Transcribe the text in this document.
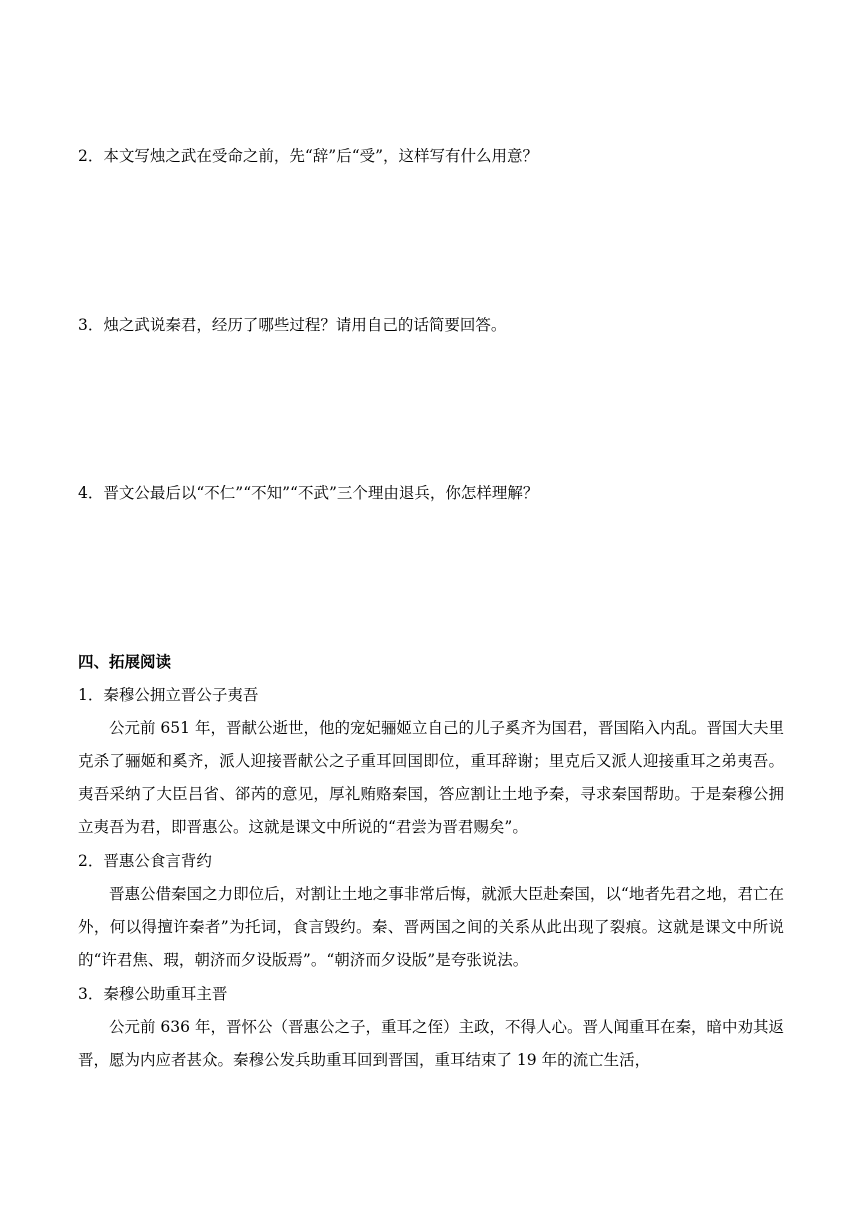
2．本文写烛之武在受命之前，先“辞”后“受”，这样写有什么用意？
3．烛之武说秦君，经历了哪些过程？请用自己的话简要回答。
4．晋文公最后以“不仁”“不知”“不武”三个理由退兵，你怎样理解？
四、拓展阅读
1．秦穆公拥立晋公子夷吾
公元前 651 年，晋献公逝世，他的宠妃骊姬立自己的儿子奚齐为国君，晋国陷入内乱。晋国大夫里克杀了骊姬和奚齐，派人迎接晋献公之子重耳回国即位，重耳辞谢；里克后又派人迎接重耳之弟夷吾。夷吾采纳了大臣吕省、郤芮的意见，厚礼贿赂秦国，答应割让土地予秦，寻求秦国帮助。于是秦穆公拥立夷吾为君，即晋惠公。这就是课文中所说的“君尝为晋君赐矣”。
2．晋惠公食言背约
晋惠公借秦国之力即位后，对割让土地之事非常后悔，就派大臣赴秦国，以“地者先君之地，君亡在外，何以得擅许秦者”为托词，食言毁约。秦、晋两国之间的关系从此出现了裂痕。这就是课文中所说的“许君焦、瑕，朝济而夕设版焉”。“朝济而夕设版”是夸张说法。
3．秦穆公助重耳主晋
公元前 636 年，晋怀公（晋惠公之子，重耳之侄）主政，不得人心。晋人闻重耳在秦，暗中劝其返晋，愿为内应者甚众。秦穆公发兵助重耳回到晋国，重耳结束了 19 年的流亡生活，
